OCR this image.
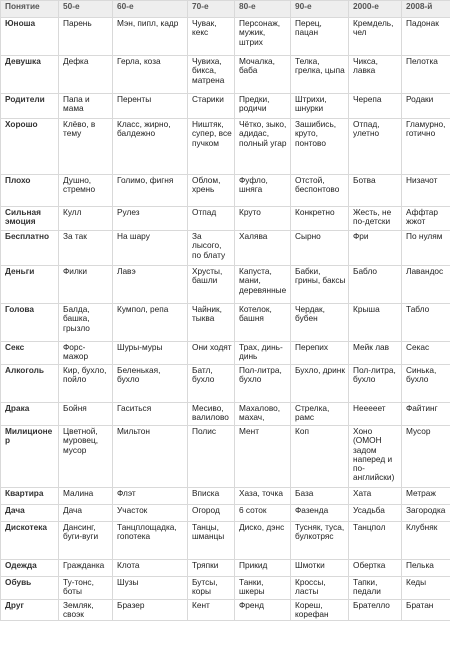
Понятие	50-е	60-е	70-е	80-е	90-е	2000-е	2008-й
Юноша	Парень	Мэн, пипл, кадр	Чувак, кекс	Персонаж, мужик, штрих	Перец, пацан	Кремдель, чел	Падонак
Девушка	Дефка	Герла, коза	Чувиха, бикса, матрена	Мочалка, баба	Телка, грелка, цыпа	Чикса, лавка	Пелотка
Родители	Папа и мама	Перенты	Старики	Предки, родичи	Штрихи, шнурки	Черепа	Родаки
Хорошо	Клёво, в тему	Класс, жирно, балдежно	Ништяк, супер, все пучком	Чётко, зыко, адидас, полный угар	Зашибись, круто, понтово	Отпад, улетно	Гламурно, готично
Плохо	Душно, стремно	Голимо, фигня	Облом, хрень	Фуфло, шняга	Отстой, беспонтово	Ботва	Низачот
Сильная эмоция	Кулл	Рулез	Отпад	Круто	Конкретно	Жесть, не по-детски	Аффтар жжот
Бесплатно	За так	На шару	За лысого, по блату	Халява	Сырно	Фри	По нулям
Деньги	Филки	Лавэ	Хрусты, башли	Капуста, мани, деревянные	Бабки, грины, баксы	Бабло	Лавандос
Голова	Балда, башка, грызло	Кумпол, репа	Чайник, тыква	Котелок, башня	Чердак, бубен	Крыша	Табло
Секс	Форс-мажор	Шуры-муры	Они ходят	Трах, динь-динь	Перепих	Мейк лав	Секас
Алкоголь	Кир, бухло, пойло	Беленькая, бухло	Батл, бухло	Пол-литра, бухло	Бухло, дринк	Пол-литра, бухло	Синька, бухло
Драка	Бойня	Гаситься	Месиво, валилово	Махалово, махач,	Стрелка, рамс	Нееееет	Файтинг
Милиционер	Цветной, муровец, мусор	Мильтон	Полис	Мент	Коп	Хоно (ОМОН задом наперед и по-английски)	Мусор
Квартира	Малина	Флэт	Вписка	Хаза, точка	База	Хата	Метраж
Дача	Дача	Участок	Огород	6 соток	Фазенда	Усадьба	Загородка
Дискотека	Дансинг, буги-вуги	Танцплощадка, гопотека	Танцы, шманцы	Диско, дэнс	Тусняк, туса, булкотряс	Танцпол	Клубняк
Одежда	Гражданка	Клота	Тряпки	Прикид	Шмотки	Обертка	Пелька
Обувь	Ту-тонс, боты	Шузы	Бутсы, коры	Танки, шкеры	Кроссы, ласты	Тапки, педали	Кеды
Друг	Земляк, своэк	Бразер	Кент	Френд	Кореш, корефан	Брателло	Братан
